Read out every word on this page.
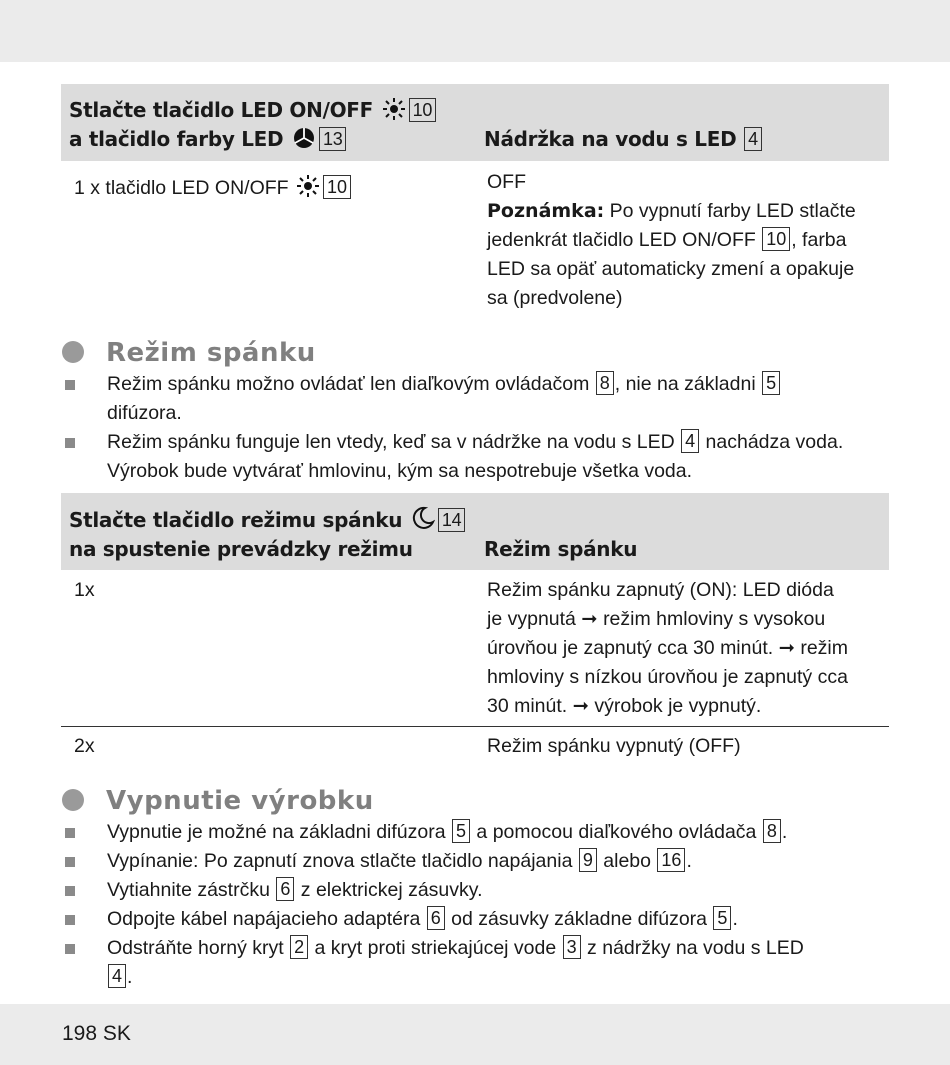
Stlačte tlačidlo LED ON/OFF 10
a tlačidlo farby LED 13	Nádržka na vodu s LED 4
1 x tlačidlo LED ON/OFF 10	OFF
Poznámka: Po vypnutí farby LED stlačte
jedenkrát tlačidlo LED ON/OFF 10 , farba
LED sa opäť automaticky zmení a opakuje
sa (predvolene)
Režim spánku
Režim spánku možno ovládať len diaľkovým ovládačom 8 , nie na základni 5
difúzora.
Režim spánku funguje len vtedy, keď sa v nádržke na vodu s LED 4 nachádza voda.
Výrobok bude vytvárať hmlovinu, kým sa nespotrebuje všetka voda.
Stlačte tlačidlo režimu spánku 14
na spustenie prevádzky režimu	Režim spánku
1x	Režim spánku zapnutý (ON): LED dióda
je vypnutá ➞ režim hmloviny s vysokou
úrovňou je zapnutý cca 30 minút. ➞ režim
hmloviny s nízkou úrovňou je zapnutý cca
30 minút. ➞ výrobok je vypnutý.
2x	Režim spánku vypnutý (OFF)
Vypnutie výrobku
Vypnutie je možné na základni difúzora 5 a pomocou diaľkového ovládača 8 .
Vypínanie: Po zapnutí znova stlačte tlačidlo napájania 9 alebo 16 .
Vytiahnite zástrčku 6 z elektrickej zásuvky.
Odpojte kábel napájacieho adaptéra 6 od zásuvky základne difúzora 5 .
Odstráňte horný kryt 2 a kryt proti striekajúcej vode 3 z nádržky na vodu s LED
4 .
198 SK
